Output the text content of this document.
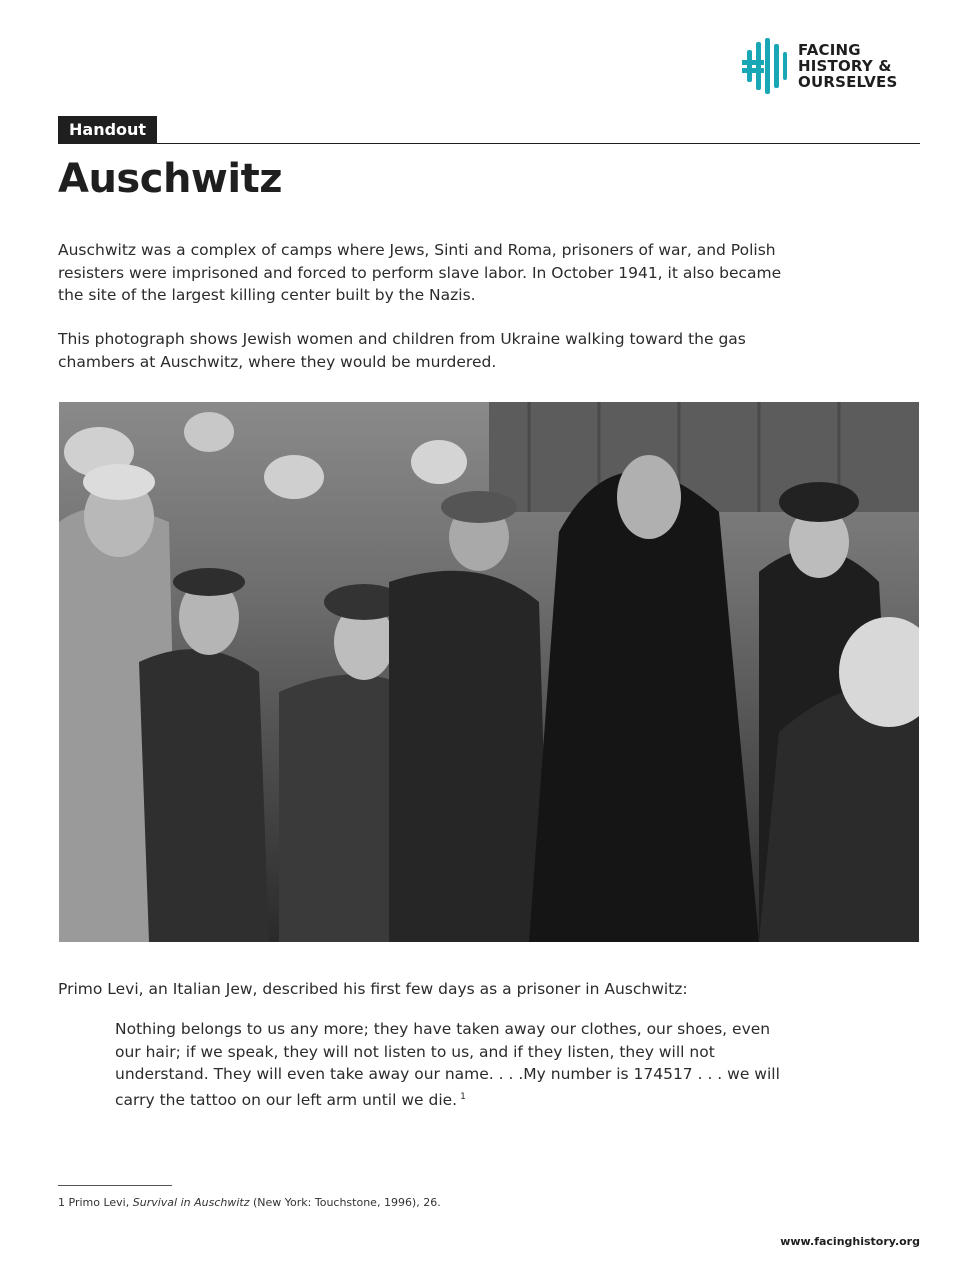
FACING
HISTORY &
OURSELVES
Handout
Auschwitz

Auschwitz was a complex of camps where Jews, Sinti and Roma, prisoners of war, and Polish resisters were imprisoned and forced to perform slave labor. In October 1941, it also became the site of the largest killing center built by the Nazis.

This photograph shows Jewish women and children from Ukraine walking toward the gas chambers at Auschwitz, where they would be murdered.

Primo Levi, an Italian Jew, described his first few days as a prisoner in Auschwitz:

Nothing belongs to us any more; they have taken away our clothes, our shoes, even our hair; if we speak, they will not listen to us, and if they listen, they will not understand. They will even take away our name. . . .My number is 174517 . . . we will carry the tattoo on our left arm until we die. $^1$

1 Primo Levi, Survival in Auschwitz (New York: Touchstone, 1996), 26.

www.facinghistory.org
